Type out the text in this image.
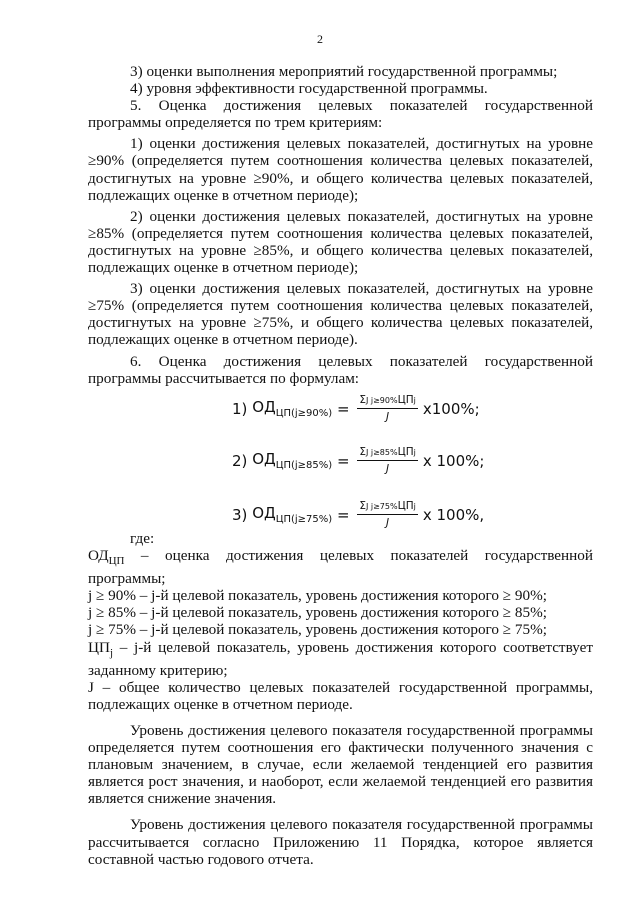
2

3) оценки выполнения мероприятий государственной программы;

4) уровня эффективности государственной программы.

5. Оценка достижения целевых показателей государственной программы определяется по трем критериям:

1) оценки достижения целевых показателей, достигнутых на уровне ≥90% (определяется путем соотношения количества целевых показателей, достигнутых на уровне ≥90%, и общего количества целевых показателей, подлежащих оценке в отчетном периоде);

2) оценки достижения целевых показателей, достигнутых на уровне ≥85% (определяется путем соотношения количества целевых показателей, достигнутых на уровне ≥85%, и общего количества целевых показателей, подлежащих оценке в отчетном периоде);

3) оценки достижения целевых показателей, достигнутых на уровне ≥75% (определяется путем соотношения количества целевых показателей, достигнутых на уровне ≥75%, и общего количества целевых показателей, подлежащих оценке в отчетном периоде).

6. Оценка достижения целевых показателей государственной программы рассчитывается по формулам:

1)
$ОД_{ЦП(j\ge 90\%)} = \frac{\text{ΣJ j≥90\%ЦПj}}{J} х100\%$;
2)
$ОД_{ЦП(j\ge 85\%)} = \frac{\text{ΣJ j≥85\%ЦПj}}{J}$ х 100%;
3)
$ОД_{ЦП(j\ge 75\%)} = \frac{\text{ΣJ j≥75\%ЦПj}}{J}$ х 100%,

где:

$ОД_{ЦП}$ – оценка достижения целевых показателей государственной программы;

j ≥ 90% – j-й целевой показатель, уровень достижения которого ≥ 90%;

j ≥ 85% – j-й целевой показатель, уровень достижения которого ≥ 85%;

j ≥ 75% – j-й целевой показатель, уровень достижения которого ≥ 75%;

$ЦП_j - j-й$ целевой показатель, уровень достижения которого соответствует заданному критерию;

J – общее количество целевых показателей государственной программы, подлежащих оценке в отчетном периоде.

Уровень достижения целевого показателя государственной программы определяется путем соотношения его фактически полученного значения с плановым значением, в случае, если желаемой тенденцией его развития является рост значения, и наоборот, если желаемой тенденцией его развития является снижение значения.

Уровень достижения целевого показателя государственной программы рассчитывается согласно Приложению 11 Порядка, которое является составной частью годового отчета.
